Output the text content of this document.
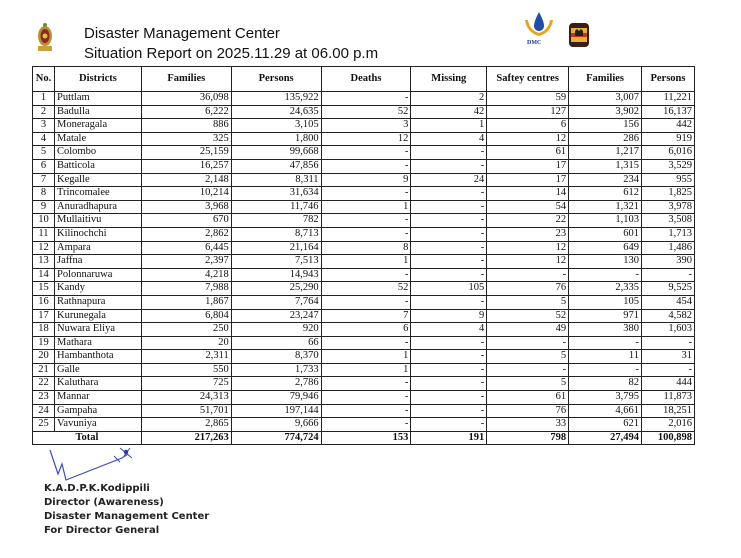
Disaster Management Center
Situation Report on 2025.11.29 at 06.00 p.m
DMC
No.	Districts	Families	Persons	Deaths	Missing	Saftey centres	Families	Persons
1	Puttlam	36,098	135,922	-	2	59	3,007	11,221
2	Badulla	6,222	24,635	52	42	127	3,902	16,137
3	Moneragala	886	3,105	3	1	6	156	442
4	Matale	325	1,800	12	4	12	286	919
5	Colombo	25,159	99,668	-	-	61	1,217	6,016
6	Batticola	16,257	47,856	-	-	17	1,315	3,529
7	Kegalle	2,148	8,311	9	24	17	234	955
8	Trincomalee	10,214	31,634	-	-	14	612	1,825
9	Anuradhapura	3,968	11,746	1	-	54	1,321	3,978
10	Mullaitivu	670	782	-	-	22	1,103	3,508
11	Kilinochchi	2,862	8,713	-	-	23	601	1,713
12	Ampara	6,445	21,164	8	-	12	649	1,486
13	Jaffna	2,397	7,513	1	-	12	130	390
14	Polonnaruwa	4,218	14,943	-	-	-	-	-
15	Kandy	7,988	25,290	52	105	76	2,335	9,525
16	Rathnapura	1,867	7,764	-	-	5	105	454
17	Kurunegala	6,804	23,247	7	9	52	971	4,582
18	Nuwara Eliya	250	920	6	4	49	380	1,603
19	Mathara	20	66	-	-	-	-	-
20	Hambanthota	2,311	8,370	1	-	5	11	31
21	Galle	550	1,733	1	-	-	-	-
22	Kaluthara	725	2,786	-	-	5	82	444
23	Mannar	24,313	79,946	-	-	61	3,795	11,873
24	Gampaha	51,701	197,144	-	-	76	4,661	18,251
25	Vavuniya	2,865	9,666	-	-	33	621	2,016
Total		217,263	774,724	153	191	798	27,494	100,898
K.A.D.P.K.Kodippili
Director (Awareness)
Disaster Management Center
For Director General
